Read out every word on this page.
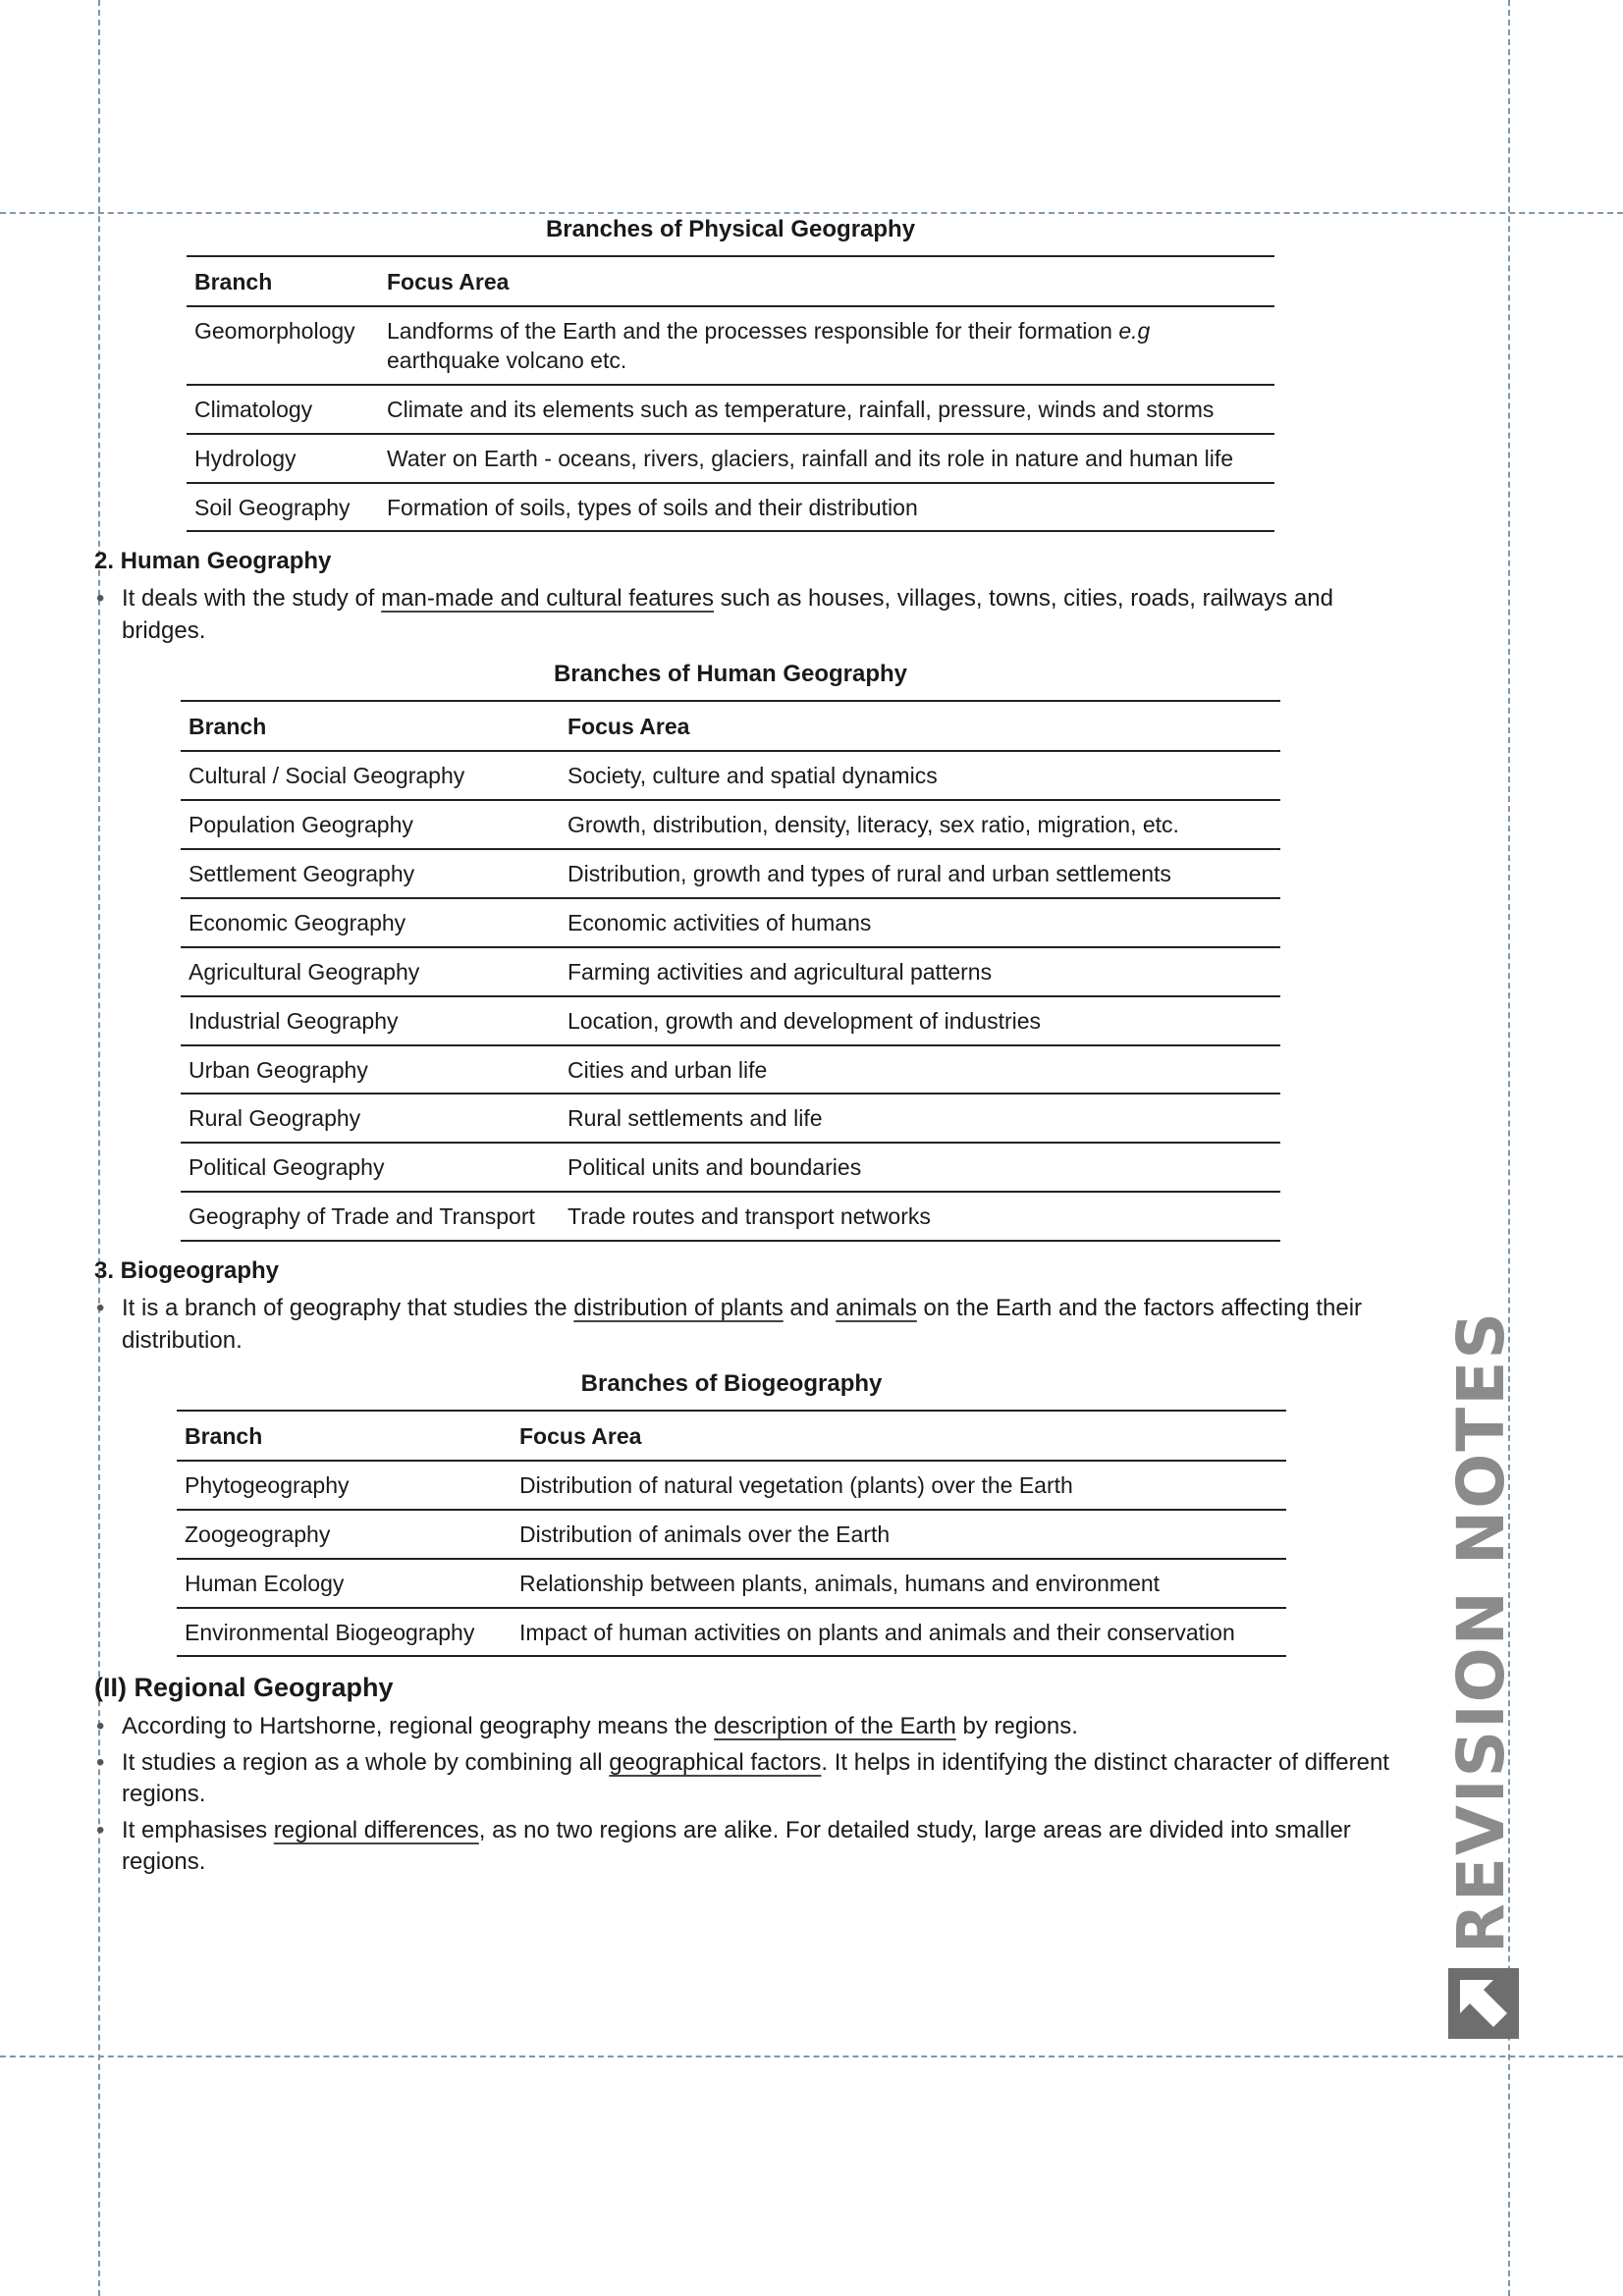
Branches of Physical Geography
Branch	Focus Area
Geomorphology	Landforms of the Earth and the processes responsible for their formation e.g
earthquake volcano etc.
Climatology	Climate and its elements such as temperature, rainfall, pressure, winds and storms
Hydrology	Water on Earth - oceans, rivers, glaciers, rainfall and its role in nature and human life
Soil Geography	Formation of soils, types of soils and their distribution
2. Human Geography
• It deals with the study of man-made and cultural features such as houses, villages, towns, cities, roads, railways and bridges.
Branches of Human Geography
Branch	Focus Area
Cultural / Social Geography	Society, culture and spatial dynamics
Population Geography	Growth, distribution, density, literacy, sex ratio, migration, etc.
Settlement Geography	Distribution, growth and types of rural and urban settlements
Economic Geography	Economic activities of humans
Agricultural Geography	Farming activities and agricultural patterns
Industrial Geography	Location, growth and development of industries
Urban Geography	Cities and urban life
Rural Geography	Rural settlements and life
Political Geography	Political units and boundaries
Geography of Trade and Transport	Trade routes and transport networks
3. Biogeography
• It is a branch of geography that studies the distribution of plants and animals on the Earth and the factors affecting their distribution.
Branches of Biogeography
Branch	Focus Area
Phytogeography	Distribution of natural vegetation (plants) over the Earth
Zoogeography	Distribution of animals over the Earth
Human Ecology	Relationship between plants, animals, humans and environment
Environmental Biogeography	Impact of human activities on plants and animals and their conservation
(II) Regional Geography
• According to Hartshorne, regional geography means the description of the Earth by regions.
• It studies a region as a whole by combining all geographical factors. It helps in identifying the distinct character of different regions.
• It emphasises regional differences, as no two regions are alike. For detailed study, large areas are divided into smaller regions.	REVISION NOTES
